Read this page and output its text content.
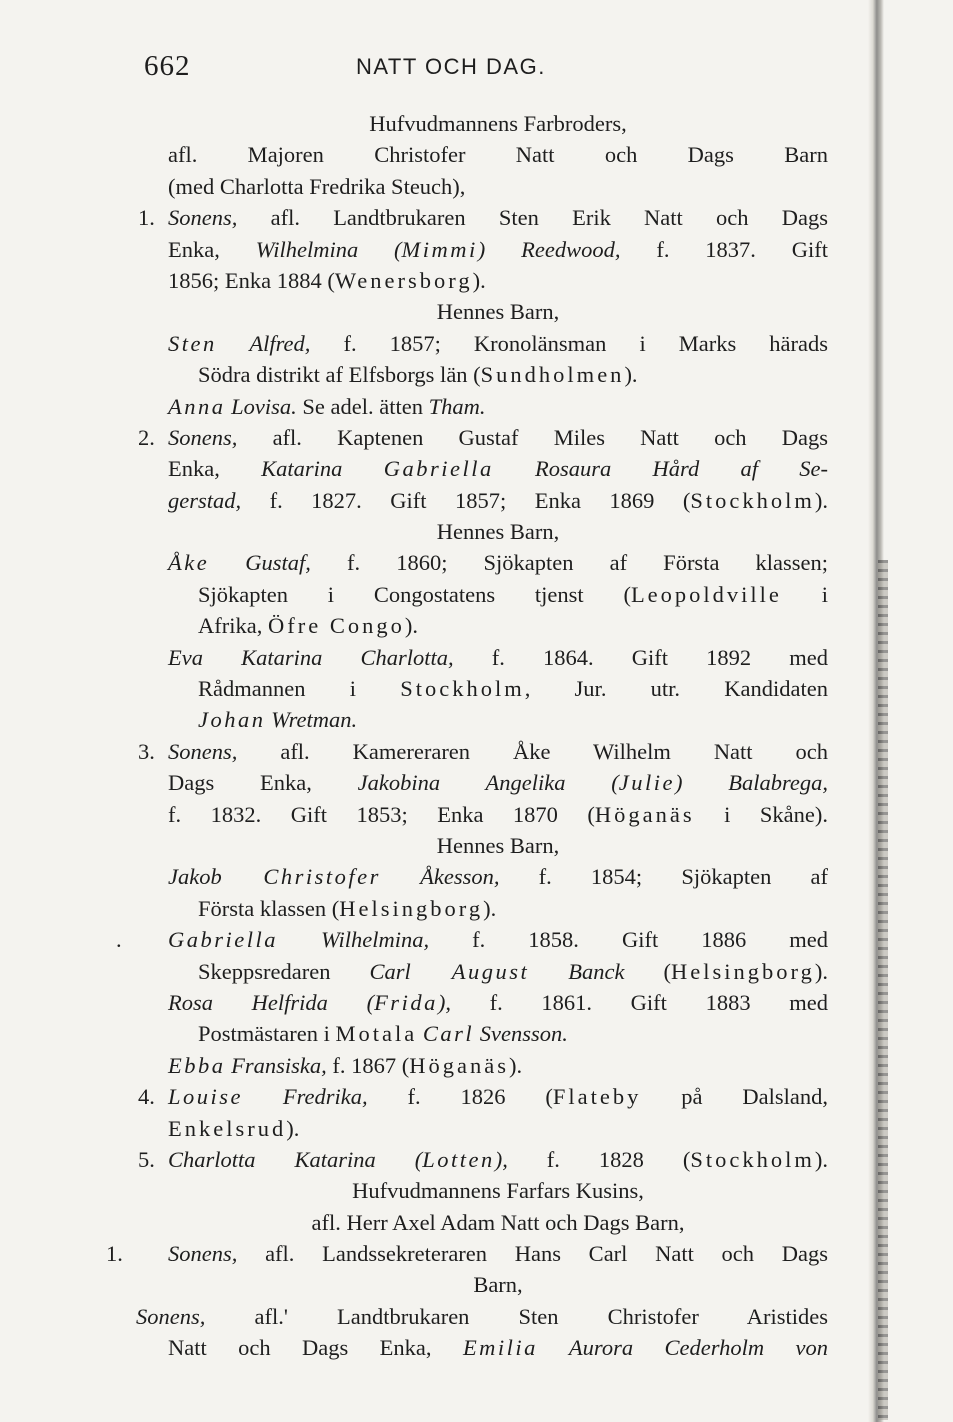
662	NATT OCH DAG.
Hufvudmannens Farbroders,
afl. Majoren Christofer Natt och Dags Barn
(med Charlotta Fredrika Steuch),
1. Sonens, afl. Landtbrukaren Sten Erik Natt och Dags
Enka, Wilhelmina (Mimmi) Reedwood, f. 1837. Gift
1856; Enka 1884 (Wenersborg).
Hennes Barn,
Sten Alfred, f. 1857; Kronolänsman i Marks härads
Södra distrikt af Elfsborgs län (Sundholmen).
Anna Lovisa. Se adel. ätten Tham.
2. Sonens, afl. Kaptenen Gustaf Miles Natt och Dags
Enka, Katarina Gabriella Rosaura Hård af Se-
gerstad, f. 1827. Gift 1857; Enka 1869 (Stockholm).
Hennes Barn,
Åke Gustaf, f. 1860; Sjökapten af Första klassen;
Sjökapten i Congostatens tjenst (Leopoldville i
Afrika, Öfre Congo).
Eva Katarina Charlotta, f. 1864. Gift 1892 med
Rådmannen i Stockholm, Jur. utr. Kandidaten
Johan Wretman.
3. Sonens, afl. Kamereraren Åke Wilhelm Natt och
Dags Enka, Jakobina Angelika (Julie) Balabrega,
f. 1832. Gift 1853; Enka 1870 (Höganäs i Skåne).
Hennes Barn,
Jakob Christofer Åkesson, f. 1854; Sjökapten af
Första klassen (Helsingborg).
. Gabriella Wilhelmina, f. 1858. Gift 1886 med
Skeppsredaren Carl August Banck (Helsingborg).
Rosa Helfrida (Frida), f. 1861. Gift 1883 med
Postmästaren i Motala Carl Svensson.
Ebba Fransiska, f. 1867 (Höganäs).
4. Louise Fredrika, f. 1826 (Flateby på Dalsland,
Enkelsrud).
5. Charlotta Katarina (Lotten), f. 1828 (Stockholm).
Hufvudmannens Farfars Kusins,
afl. Herr Axel Adam Natt och Dags Barn,
1. Sonens, afl. Landssekreteraren Hans Carl Natt och Dags
Barn,
Sonens, afl.' Landtbrukaren Sten Christofer Aristides
Natt och Dags Enka, Emilia Aurora Cederholm von
